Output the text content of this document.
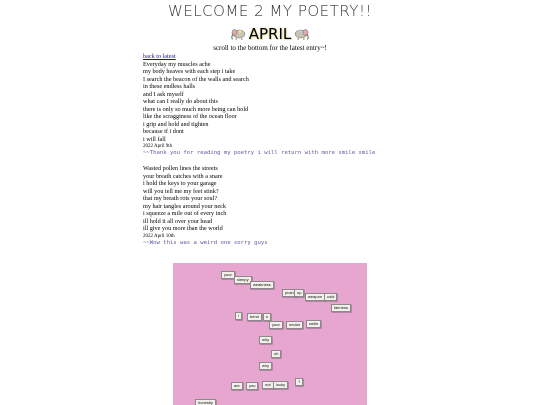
WELCOME 2 MY POETRY!!
APRIL
scroll to the bottom for the latest entry~!
back to latest
Everyday my muscles ache
my body heaves with each step i take
I search the beacon of the walls and search
in these endless halls
and I ask myself
what can I really do about this
there is only so much more being can hold
like the scragginess of the ocean floor
i grip and hold and tighten
because if i dont
i will fall
2022 April 9th
~~Thank you for reading my poetry i will return with more smile smile
Wasted pollen lines the streets
your breath catches with a snare
i hold the keys to your garage
will you tell me my feet stink?
that my breath rots your soul?
my hair tangles around your neck
i squeeze a mile out of every inch
ill hold it all over your head
ill give you more than the world
2022 April 10th
~~Wow this was a weird one sorry guys
your
sleepy
weakness
push up
weapon	cold
fairness
i	bend	s
your	nectar	smile
why
oh
why
are	you	not	lucky
?
honestly
